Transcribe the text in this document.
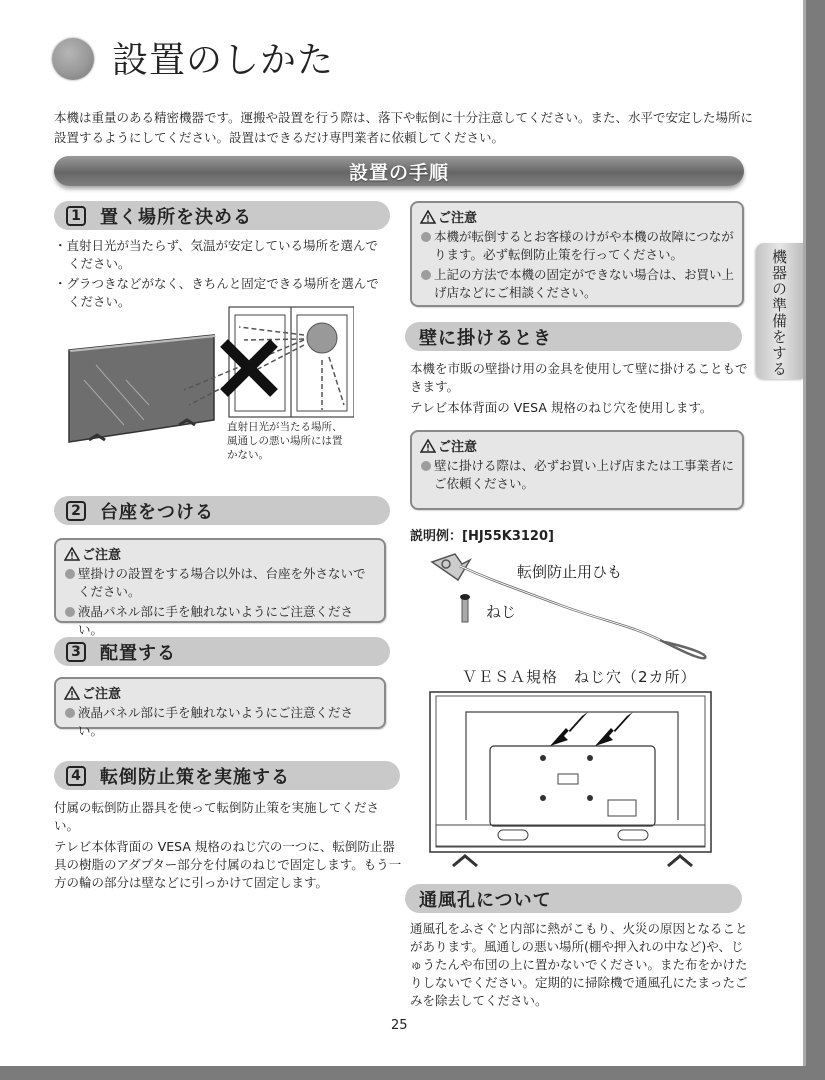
設置のしかた
本機は重量のある精密機器です。運搬や設置を行う際は、落下や転倒に十分注意してください。また、水平で安定した場所に設置するようにしてください。設置はできるだけ専門業者に依頼してください。
設置の手順
1 置く場所を決める
・直射日光が当たらず、気温が安定している場所を選んでください。
・グラつきなどがなく、きちんと固定できる場所を選んでください。
直射日光が当たる場所、風通しの悪い場所には置かない。
2 台座をつける
ご注意
壁掛けの設置をする場合以外は、台座を外さないでください。
液晶パネル部に手を触れないようにご注意ください。
3 配置する
ご注意
液晶パネル部に手を触れないようにご注意ください。
4 転倒防止策を実施する

付属の転倒防止器具を使って転倒防止策を実施してください。

テレビ本体背面の VESA 規格のねじ穴の一つに、転倒防止器具の樹脂のアダプター部分を付属のねじで固定します。もう一方の輪の部分は壁などに引っかけて固定します。

ご注意
本機が転倒するとお客様のけがや本機の故障につながります。必ず転倒防止策を行ってください。
上記の方法で本機の固定ができない場合は、お買い上げ店などにご相談ください。
壁に掛けるとき

本機を市販の壁掛け用の金具を使用して壁に掛けることもできます。

テレビ本体背面の VESA 規格のねじ穴を使用します。

ご注意
壁に掛ける際は、必ずお買い上げ店または工事業者にご依頼ください。
説明例：[HJ55K3120]
転倒防止用ひも
ねじ
ＶＥＳＡ規格　ねじ穴（2カ所）
通風孔について
通風孔をふさぐと内部に熱がこもり、火災の原因となることがあります。風通しの悪い場所(棚や押入れの中など)や、じゅうたんや布団の上に置かないでください。また布をかけたりしないでください。定期的に掃除機で通風孔にたまったごみを除去してください。
機器の準備をする
25
